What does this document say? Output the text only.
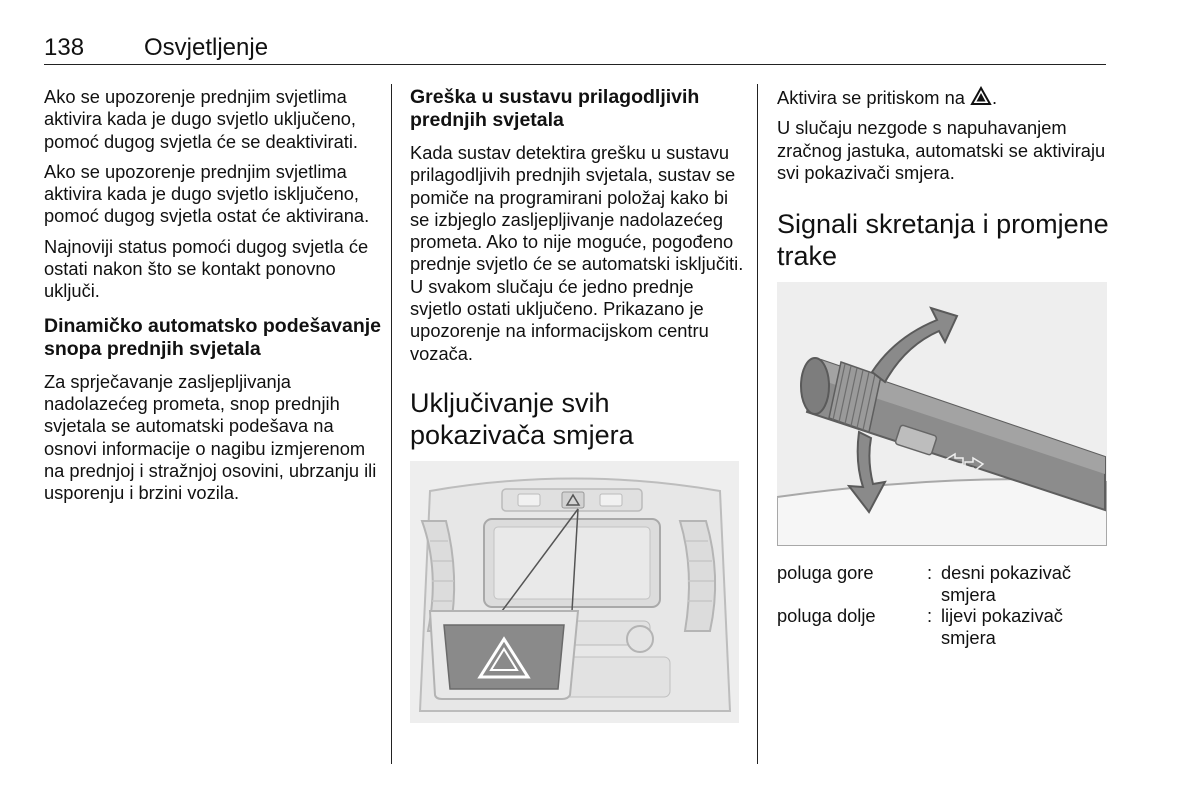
138 Osvjetljenje

Ako se upozorenje prednjim svjetlima aktivira kada je dugo svjetlo uključeno, pomoć dugog svjetla će se deaktivirati.

Ako se upozorenje prednjim svjetlima aktivira kada je dugo svjetlo isključeno, pomoć dugog svjetla ostat će aktivirana.

Najnoviji status pomoći dugog svjetla će ostati nakon što se kontakt ponovno uključi.

Dinamičko automatsko podešavanje snopa prednjih svjetala

Za sprječavanje zasljepljivanja nadolazećeg prometa, snop prednjih svjetala se automatski podešava na osnovi informacije o nagibu izmjerenom na prednjoj i stražnjoj osovini, ubrzanju ili usporenju i brzini vozila.

Greška u sustavu prilagodljivih prednjih svjetala

Kada sustav detektira grešku u sustavu prilagodljivih prednjih svjetala, sustav se pomiče na programirani položaj kako bi se izbjeglo zasljepljivanje nadolazećeg prometa. Ako to nije moguće, pogođeno prednje svjetlo će se automatski isključiti. U svakom slučaju će jedno prednje svjetlo ostati uključeno. Prikazano je upozorenje na informacijskom centru vozača.

Uključivanje svih pokazivača smjera

Aktivira se pritiskom na .

U slučaju nezgode s napuhavanjem zračnog jastuka, automatski se aktiviraju svi pokazivači smjera.

Signali skretanja i promjene trake
poluga gore	: desni pokazivač smjera
poluga dolje	: lijevi pokazivač smjera
